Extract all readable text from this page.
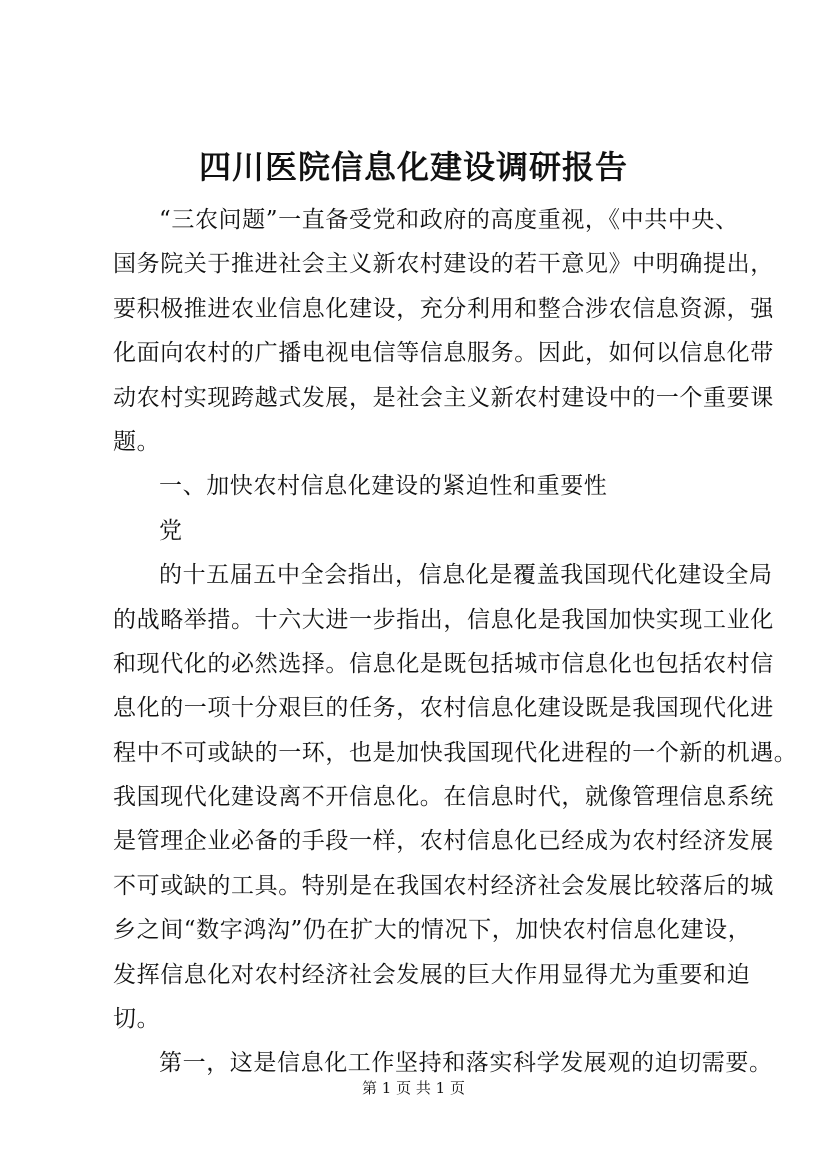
四川医院信息化建设调研报告
“三农问题”一直备受党和政府的高度重视，《中共中央、
国务院关于推进社会主义新农村建设的若干意见》中明确提出，
要积极推进农业信息化建设，充分利用和整合涉农信息资源，强
化面向农村的广播电视电信等信息服务。因此，如何以信息化带
动农村实现跨越式发展，是社会主义新农村建设中的一个重要课
题。
一、加快农村信息化建设的紧迫性和重要性
党
的十五届五中全会指出，信息化是覆盖我国现代化建设全局
的战略举措。十六大进一步指出，信息化是我国加快实现工业化
和现代化的必然选择。信息化是既包括城市信息化也包括农村信
息化的一项十分艰巨的任务，农村信息化建设既是我国现代化进
程中不可或缺的一环，也是加快我国现代化进程的一个新的机遇。
我国现代化建设离不开信息化。在信息时代，就像管理信息系统
是管理企业必备的手段一样，农村信息化已经成为农村经济发展
不可或缺的工具。特别是在我国农村经济社会发展比较落后的城
乡之间“数字鸿沟”仍在扩大的情况下，加快农村信息化建设，
发挥信息化对农村经济社会发展的巨大作用显得尤为重要和迫
切。
第一，这是信息化工作坚持和落实科学发展观的迫切需要。
第 1 页 共 1 页
